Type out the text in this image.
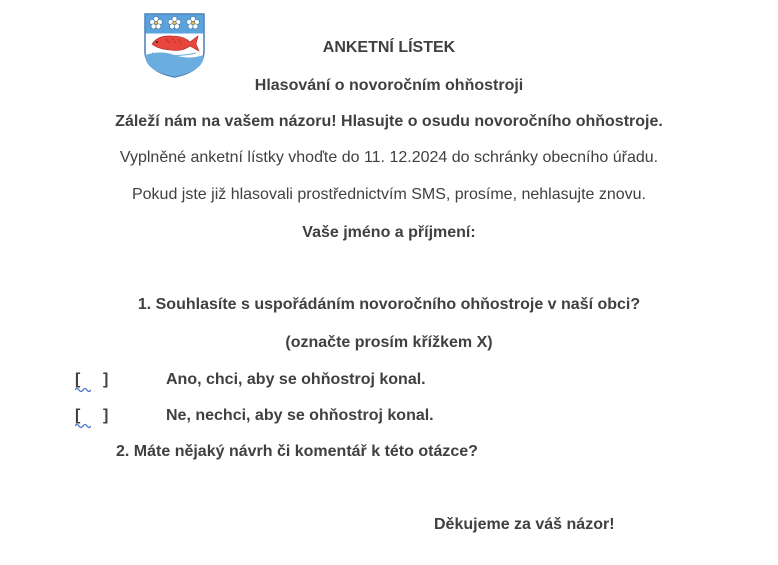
ANKETNÍ LÍSTEK
Hlasování o novoročním ohňostroji
Záleží nám na vašem názoru! Hlasujte o osudu novoročního ohňostroje.
Vyplněné anketní lístky vhoďte do 11. 12.2024 do schránky obecního úřadu.
Pokud jste již hlasovali prostřednictvím SMS, prosíme, nehlasujte znovu.
Vaše jméno a příjmení:
1. Souhlasíte s uspořádáním novoročního ohňostroje v naší obci?
(označte prosím křížkem X)
[ ]	Ano, chci, aby se ohňostroj konal.
[ ]	Ne, nechci, aby se ohňostroj konal.
2. Máte nějaký návrh či komentář k této otázce?
Děkujeme za váš názor!
